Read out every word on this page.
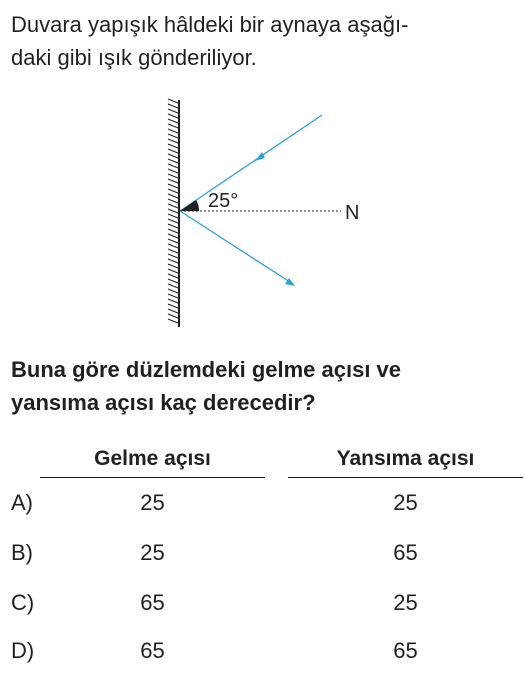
Duvara yapışık hâldeki bir aynaya aşağı-
daki gibi ışık gönderiliyor.
N
25°
Buna göre düzlemdeki gelme açısı ve
yansıma açısı kaç derecedir?
Gelme açısı	Yansıma açısı
A)	25	25
B)	25	65
C)	65	25
D)	65	65
